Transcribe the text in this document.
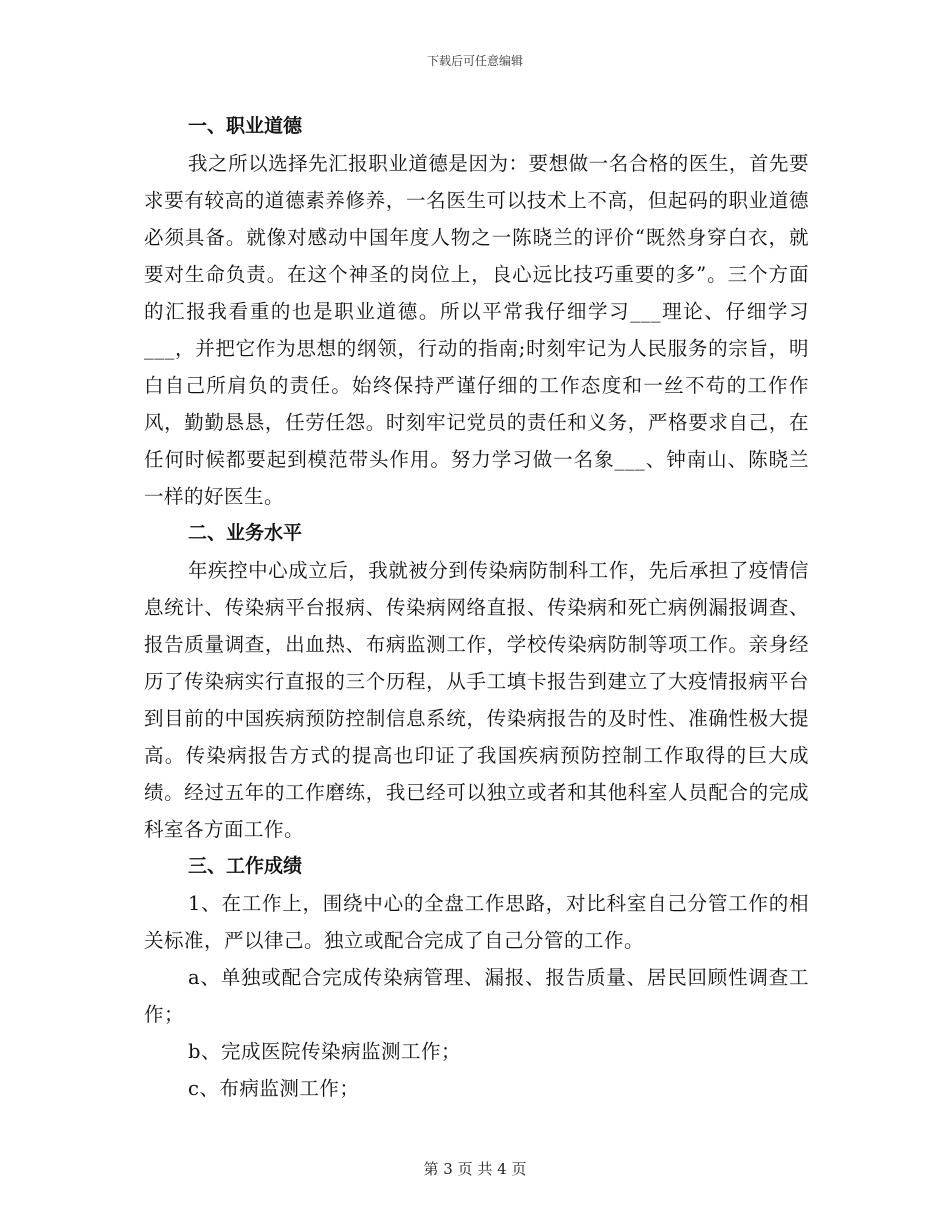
下载后可任意编辑
一、职业道德

我之所以选择先汇报职业道德是因为：要想做一名合格的医生，首先要求要有较高的道德素养修养，一名医生可以技术上不高，但起码的职业道德必须具备。就像对感动中国年度人物之一陈晓兰的评价“既然身穿白衣，就要对生命负责。在这个神圣的岗位上，良心远比技巧重要的多”。三个方面的汇报我看重的也是职业道德。所以平常我仔细学习___理论、仔细学习___，并把它作为思想的纲领，行动的指南;时刻牢记为人民服务的宗旨，明白自己所肩负的责任。始终保持严谨仔细的工作态度和一丝不苟的工作作风，勤勤恳恳，任劳任怨。时刻牢记党员的责任和义务，严格要求自己，在任何时候都要起到模范带头作用。努力学习做一名象___、钟南山、陈晓兰一样的好医生。

二、业务水平

年疾控中心成立后，我就被分到传染病防制科工作，先后承担了疫情信息统计、传染病平台报病、传染病网络直报、传染病和死亡病例漏报调查、报告质量调查，出血热、布病监测工作，学校传染病防制等项工作。亲身经历了传染病实行直报的三个历程，从手工填卡报告到建立了大疫情报病平台到目前的中国疾病预防控制信息系统，传染病报告的及时性、准确性极大提高。传染病报告方式的提高也印证了我国疾病预防控制工作取得的巨大成绩。经过五年的工作磨练，我已经可以独立或者和其他科室人员配合的完成科室各方面工作。

三、工作成绩

1、在工作上，围绕中心的全盘工作思路，对比科室自己分管工作的相关标准，严以律己。独立或配合完成了自己分管的工作。

a、单独或配合完成传染病管理、漏报、报告质量、居民回顾性调查工作；

b、完成医院传染病监测工作；

c、布病监测工作；

第 3 页 共 4 页
